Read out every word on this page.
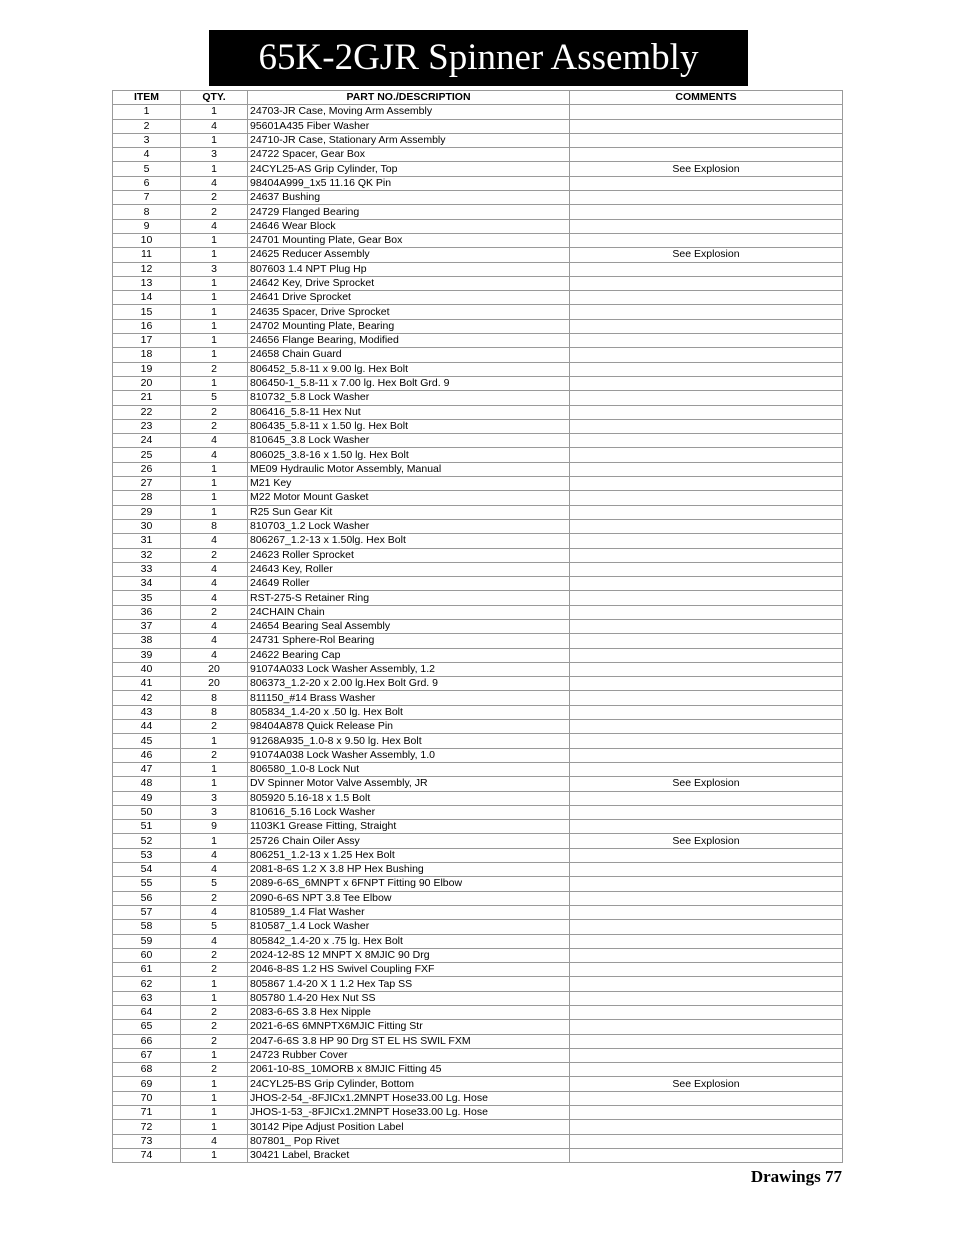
65K-2GJR Spinner Assembly
ITEM	QTY.	PART NO./DESCRIPTION	COMMENTS
1	1	24703-JR Case, Moving Arm Assembly	
2	4	95601A435 Fiber Washer	
3	1	24710-JR Case, Stationary Arm Assembly	
4	3	24722 Spacer, Gear Box	
5	1	24CYL25-AS Grip Cylinder, Top	See Explosion
6	4	98404A999_1x5 11.16 QK Pin	
7	2	24637 Bushing	
8	2	24729 Flanged Bearing	
9	4	24646 Wear Block	
10	1	24701 Mounting Plate, Gear Box	
11	1	24625 Reducer Assembly	See Explosion
12	3	807603 1.4 NPT Plug Hp	
13	1	24642 Key, Drive Sprocket	
14	1	24641 Drive Sprocket	
15	1	24635 Spacer, Drive Sprocket	
16	1	24702 Mounting Plate, Bearing	
17	1	24656 Flange Bearing, Modified	
18	1	24658 Chain Guard	
19	2	806452_5.8-11 x 9.00 lg. Hex Bolt	
20	1	806450-1_5.8-11 x 7.00 lg. Hex Bolt Grd. 9	
21	5	810732_5.8 Lock Washer	
22	2	806416_5.8-11 Hex Nut	
23	2	806435_5.8-11 x 1.50 lg. Hex Bolt	
24	4	810645_3.8 Lock Washer	
25	4	806025_3.8-16 x 1.50 lg. Hex Bolt	
26	1	ME09 Hydraulic Motor Assembly, Manual	
27	1	M21 Key	
28	1	M22 Motor Mount Gasket	
29	1	R25 Sun Gear Kit	
30	8	810703_1.2 Lock Washer	
31	4	806267_1.2-13 x 1.50lg. Hex Bolt	
32	2	24623 Roller Sprocket	
33	4	24643 Key, Roller	
34	4	24649 Roller	
35	4	RST-275-S Retainer Ring	
36	2	24CHAIN Chain	
37	4	24654 Bearing Seal Assembly	
38	4	24731 Sphere-Rol Bearing	
39	4	24622 Bearing Cap	
40	20	91074A033 Lock Washer Assembly, 1.2	
41	20	806373_1.2-20 x 2.00 lg.Hex Bolt Grd. 9	
42	8	811150_#14 Brass Washer	
43	8	805834_1.4-20 x .50 lg. Hex Bolt	
44	2	98404A878 Quick Release Pin	
45	1	91268A935_1.0-8 x 9.50 lg. Hex Bolt	
46	2	91074A038 Lock Washer Assembly, 1.0	
47	1	806580_1.0-8 Lock Nut	
48	1	DV Spinner Motor Valve Assembly, JR	See Explosion
49	3	805920 5.16-18 x 1.5 Bolt	
50	3	810616_5.16 Lock Washer	
51	9	1103K1 Grease Fitting, Straight	
52	1	25726 Chain Oiler Assy	See Explosion
53	4	806251_1.2-13 x 1.25 Hex Bolt	
54	4	2081-8-6S 1.2 X 3.8 HP Hex Bushing	
55	5	2089-6-6S_6MNPT x 6FNPT Fitting 90 Elbow	
56	2	2090-6-6S NPT 3.8 Tee Elbow	
57	4	810589_1.4 Flat Washer	
58	5	810587_1.4 Lock Washer	
59	4	805842_1.4-20 x .75 lg. Hex Bolt	
60	2	2024-12-8S 12 MNPT X 8MJIC 90 Drg	
61	2	2046-8-8S 1.2 HS Swivel Coupling FXF	
62	1	805867 1.4-20 X 1 1.2 Hex Tap SS	
63	1	805780 1.4-20 Hex Nut SS	
64	2	2083-6-6S 3.8 Hex Nipple	
65	2	2021-6-6S 6MNPTX6MJIC Fitting Str	
66	2	2047-6-6S 3.8 HP 90 Drg ST EL HS SWIL FXM	
67	1	24723 Rubber Cover	
68	2	2061-10-8S_10MORB x 8MJIC Fitting 45	
69	1	24CYL25-BS Grip Cylinder, Bottom	See Explosion
70	1	JHOS-2-54_-8FJICx1.2MNPT Hose33.00 Lg. Hose	
71	1	JHOS-1-53_-8FJICx1.2MNPT Hose33.00 Lg. Hose	
72	1	30142 Pipe Adjust Position Label	
73	4	807801_ Pop Rivet	
74	1	30421 Label, Bracket	
Drawings 77
